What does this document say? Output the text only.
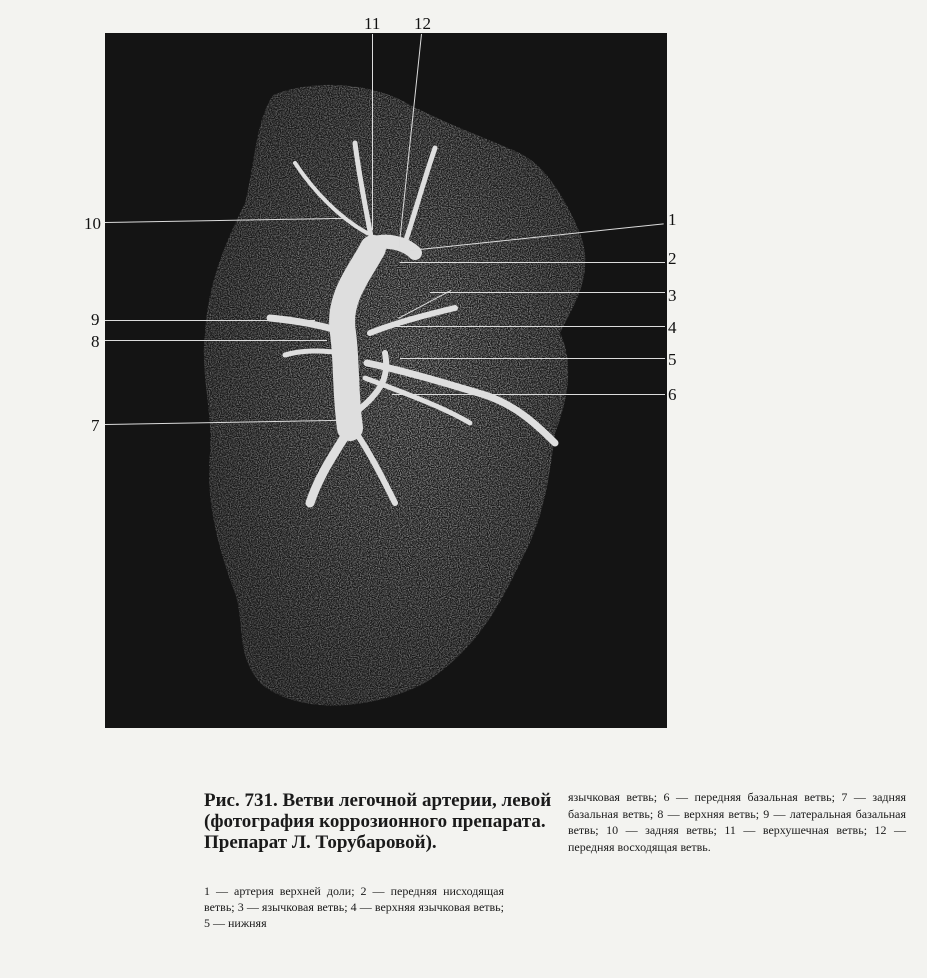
11 12
1
2
3
4
5
6
10
9
8
7

Рис. 731. Ветви легочной артерии, левой (фотография коррозионного препарата. Препарат Л. Торубаровой).

1 — артерия верхней доли; 2 — передняя нисходящая ветвь; 3 — язычковая ветвь; 4 — верхняя язычковая ветвь; 5 — нижняя

язычковая ветвь; 6 — передняя базальная ветвь; 7 — задняя базальная ветвь; 8 — верхняя ветвь; 9 — латеральная базальная ветвь; 10 — задняя ветвь; 11 — верхушечная ветвь; 12 — передняя восходящая ветвь.
